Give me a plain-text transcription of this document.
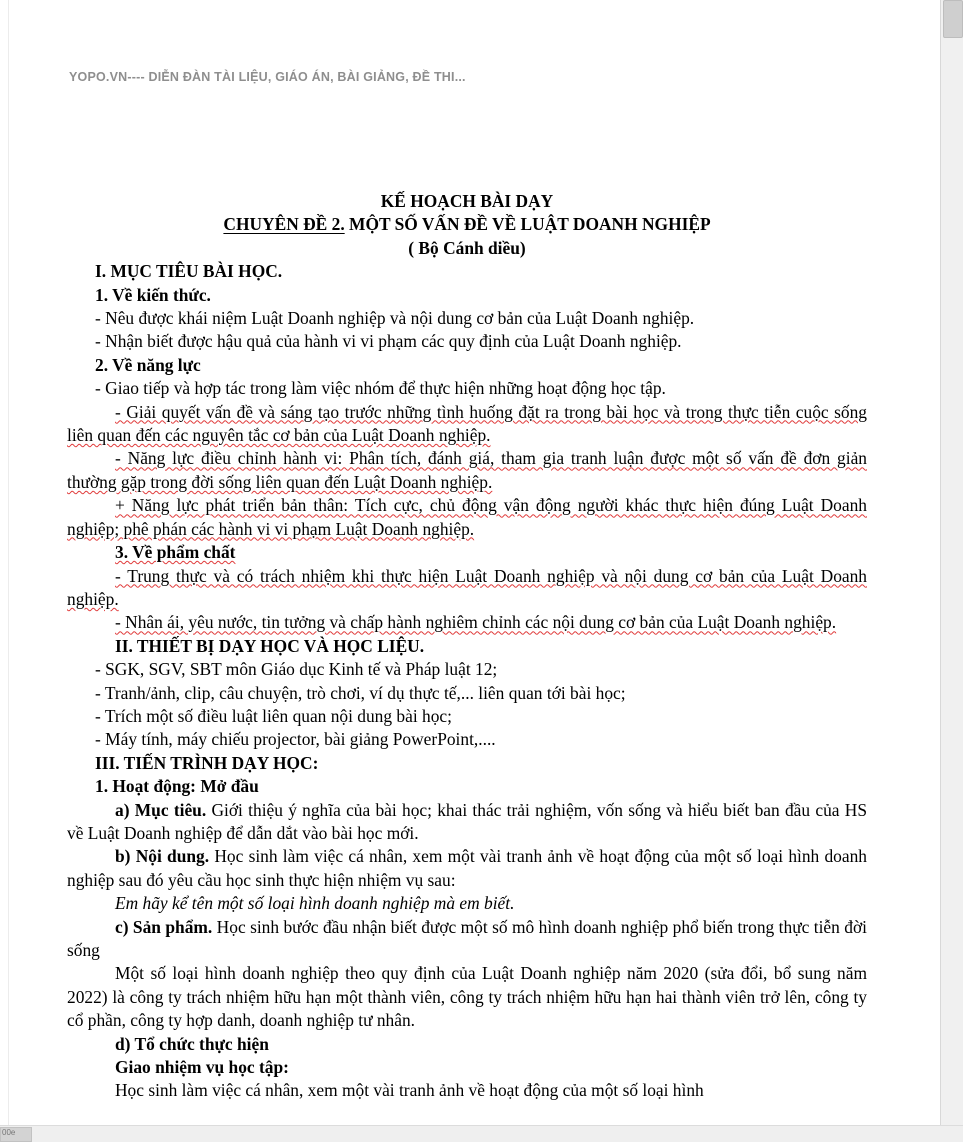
YOPO.VN---- DIỄN ĐÀN TÀI LIỆU, GIÁO ÁN, BÀI GIẢNG, ĐỀ THI...

KẾ HOẠCH BÀI DẠY

CHUYÊN ĐỀ 2. MỘT SỐ VẤN ĐỀ VỀ LUẬT DOANH NGHIỆP

( Bộ Cánh diều)

I. MỤC TIÊU BÀI HỌC.

1. Về kiến thức.

- Nêu được khái niệm Luật Doanh nghiệp và nội dung cơ bản của Luật Doanh nghiệp.

- Nhận biết được hậu quả của hành vi vi phạm các quy định của Luật Doanh nghiệp.

2. Về năng lực

- Giao tiếp và hợp tác trong làm việc nhóm để thực hiện những hoạt động học tập.

- Giải quyết vấn đề và sáng tạo trước những tình huống đặt ra trong bài học và trong thực tiễn cuộc sống liên quan đến các nguyên tắc cơ bản của Luật Doanh nghiệp.

- Năng lực điều chỉnh hành vi: Phân tích, đánh giá, tham gia tranh luận được một số vấn đề đơn giản thường gặp trong đời sống liên quan đến Luật Doanh nghiệp.

+ Năng lực phát triển bản thân: Tích cực, chủ động vận động người khác thực hiện đúng Luật Doanh nghiệp; phê phán các hành vi vi phạm Luật Doanh nghiệp.

3. Về phẩm chất

- Trung thực và có trách nhiệm khi thực hiện Luật Doanh nghiệp và nội dung cơ bản của Luật Doanh nghiệp.

- Nhân ái, yêu nước, tin tưởng và chấp hành nghiêm chỉnh các nội dung cơ bản của Luật Doanh nghiệp.

II. THIẾT BỊ DẠY HỌC VÀ HỌC LIỆU.

- SGK, SGV, SBT môn Giáo dục Kinh tế và Pháp luật 12;

- Tranh/ảnh, clip, câu chuyện, trò chơi, ví dụ thực tế,... liên quan tới bài học;

- Trích một số điều luật liên quan nội dung bài học;

- Máy tính, máy chiếu projector, bài giảng PowerPoint,....

III. TIẾN TRÌNH DẠY HỌC:

1. Hoạt động: Mở đầu

a) Mục tiêu. Giới thiệu ý nghĩa của bài học; khai thác trải nghiệm, vốn sống và hiểu biết ban đầu của HS về Luật Doanh nghiệp để dẫn dắt vào bài học mới.

b) Nội dung. Học sinh làm việc cá nhân, xem một vài tranh ảnh về hoạt động của một số loại hình doanh nghiệp sau đó yêu cầu học sinh thực hiện nhiệm vụ sau:

Em hãy kể tên một số loại hình doanh nghiệp mà em biết.

c) Sản phẩm. Học sinh bước đầu nhận biết được một số mô hình doanh nghiệp phổ biến trong thực tiễn đời sống

Một số loại hình doanh nghiệp theo quy định của Luật Doanh nghiệp năm 2020 (sửa đổi, bổ sung năm 2022) là công ty trách nhiệm hữu hạn một thành viên, công ty trách nhiệm hữu hạn hai thành viên trở lên, công ty cổ phần, công ty hợp danh, doanh nghiệp tư nhân.

d) Tổ chức thực hiện

Giao nhiệm vụ học tập:

Học sinh làm việc cá nhân, xem một vài tranh ảnh về hoạt động của một số loại hình

00e
